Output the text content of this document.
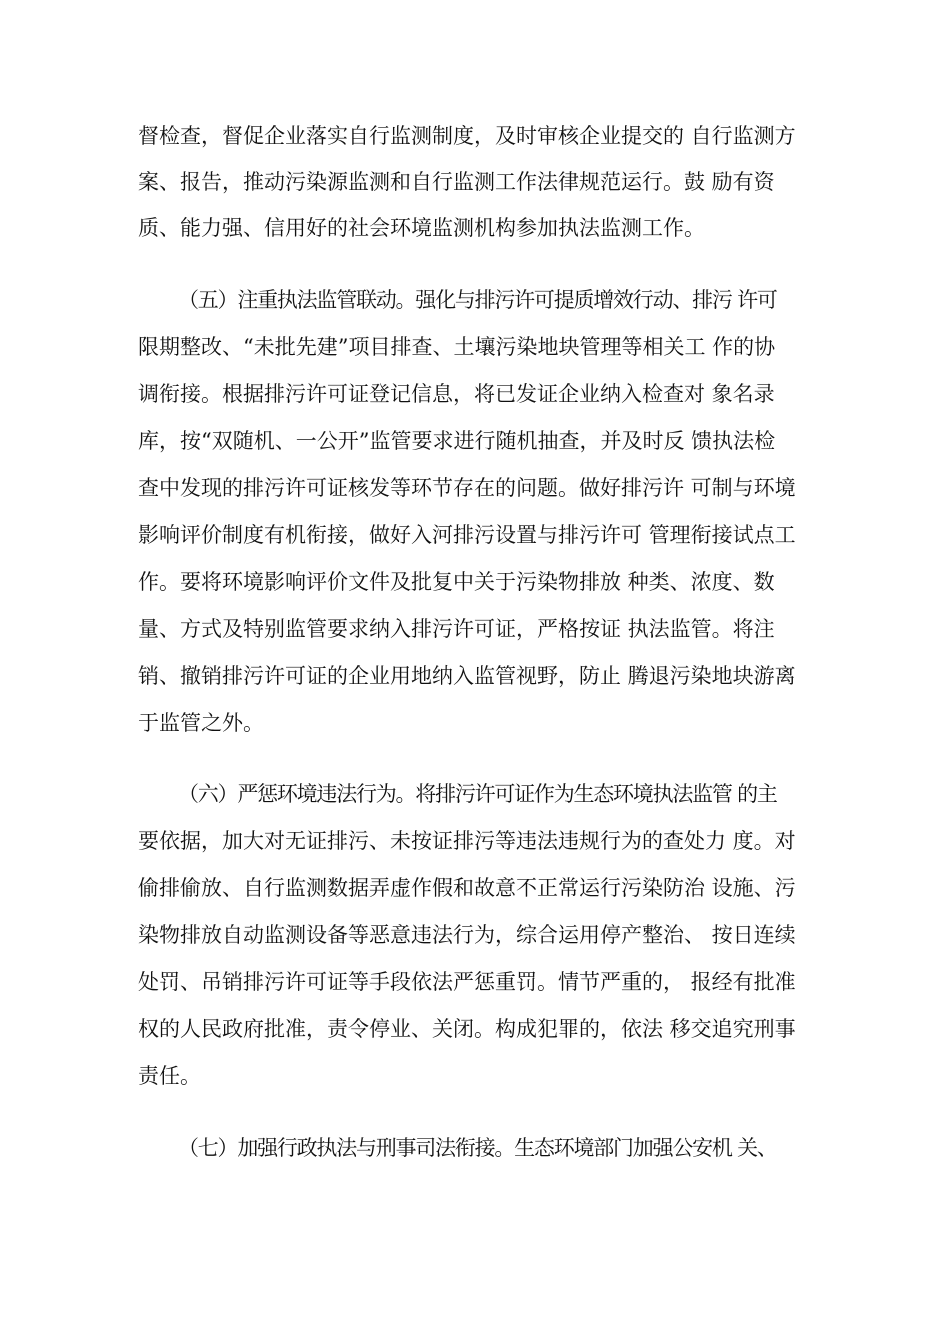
督检查，督促企业落实自行监测制度，及时审核企业提交的 自行监测方
案、报告，推动污染源监测和自行监测工作法律规范运行。鼓 励有资
质、能力强、信用好的社会环境监测机构参加执法监测工作。
（五）注重执法监管联动。强化与排污许可提质增效行动、排污 许可
限期整改、“未批先建”项目排查、土壤污染地块管理等相关工 作的协
调衔接。根据排污许可证登记信息，将已发证企业纳入检查对 象名录
库，按“双随机、一公开”监管要求进行随机抽查，并及时反 馈执法检
查中发现的排污许可证核发等环节存在的问题。做好排污许 可制与环境
影响评价制度有机衔接，做好入河排污设置与排污许可 管理衔接试点工
作。要将环境影响评价文件及批复中关于污染物排放 种类、浓度、数
量、方式及特别监管要求纳入排污许可证，严格按证 执法监管。将注
销、撤销排污许可证的企业用地纳入监管视野，防止 腾退污染地块游离
于监管之外。
（六）严惩环境违法行为。将排污许可证作为生态环境执法监管 的主
要依据，加大对无证排污、未按证排污等违法违规行为的查处力 度。对
偷排偷放、自行监测数据弄虚作假和故意不正常运行污染防治 设施、污
染物排放自动监测设备等恶意违法行为，综合运用停产整治、 按日连续
处罚、吊销排污许可证等手段依法严惩重罚。情节严重的， 报经有批准
权的人民政府批准，责令停业、关闭。构成犯罪的，依法 移交追究刑事
责任。
（七）加强行政执法与刑事司法衔接。生态环境部门加强公安机 关、
